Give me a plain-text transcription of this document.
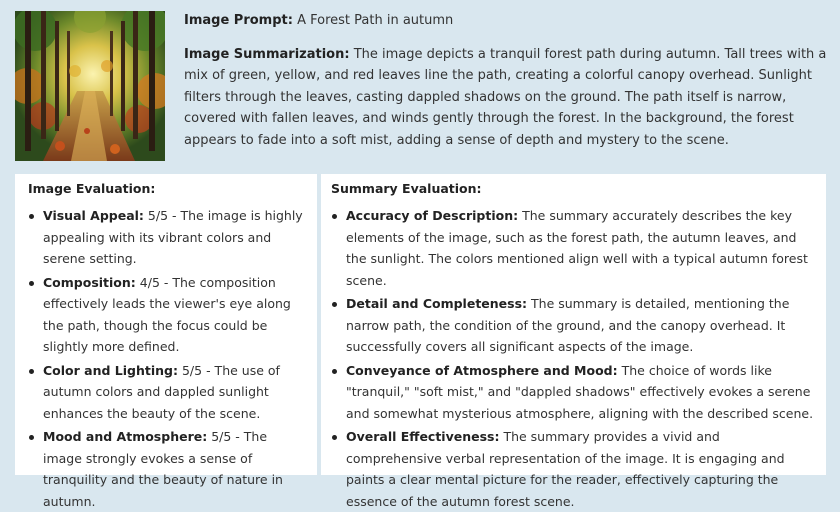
Image Prompt: A Forest Path in autumn

Image Summarization: The image depicts a tranquil forest path during autumn. Tall trees with a mix of green, yellow, and red leaves line the path, creating a colorful canopy overhead. Sunlight filters through the leaves, casting dappled shadows on the ground. The path itself is narrow, covered with fallen leaves, and winds gently through the forest. In the background, the forest appears to fade into a soft mist, adding a sense of depth and mystery to the scene.

Image Evaluation:
Visual Appeal: 5/5 - The image is highly appealing with its vibrant colors and serene setting.
Composition: 4/5 - The composition effectively leads the viewer's eye along the path, though the focus could be slightly more defined.
Color and Lighting: 5/5 - The use of autumn colors and dappled sunlight enhances the beauty of the scene.
Mood and Atmosphere: 5/5 - The image strongly evokes a sense of tranquility and the beauty of nature in autumn.
Summary Evaluation:
Accuracy of Description: The summary accurately describes the key elements of the image, such as the forest path, the autumn leaves, and the sunlight. The colors mentioned align well with a typical autumn forest scene.
Detail and Completeness: The summary is detailed, mentioning the narrow path, the condition of the ground, and the canopy overhead. It successfully covers all significant aspects of the image.
Conveyance of Atmosphere and Mood: The choice of words like "tranquil," "soft mist," and "dappled shadows" effectively evokes a serene and somewhat mysterious atmosphere, aligning with the described scene.
Overall Effectiveness: The summary provides a vivid and comprehensive verbal representation of the image. It is engaging and paints a clear mental picture for the reader, effectively capturing the essence of the autumn forest scene.
